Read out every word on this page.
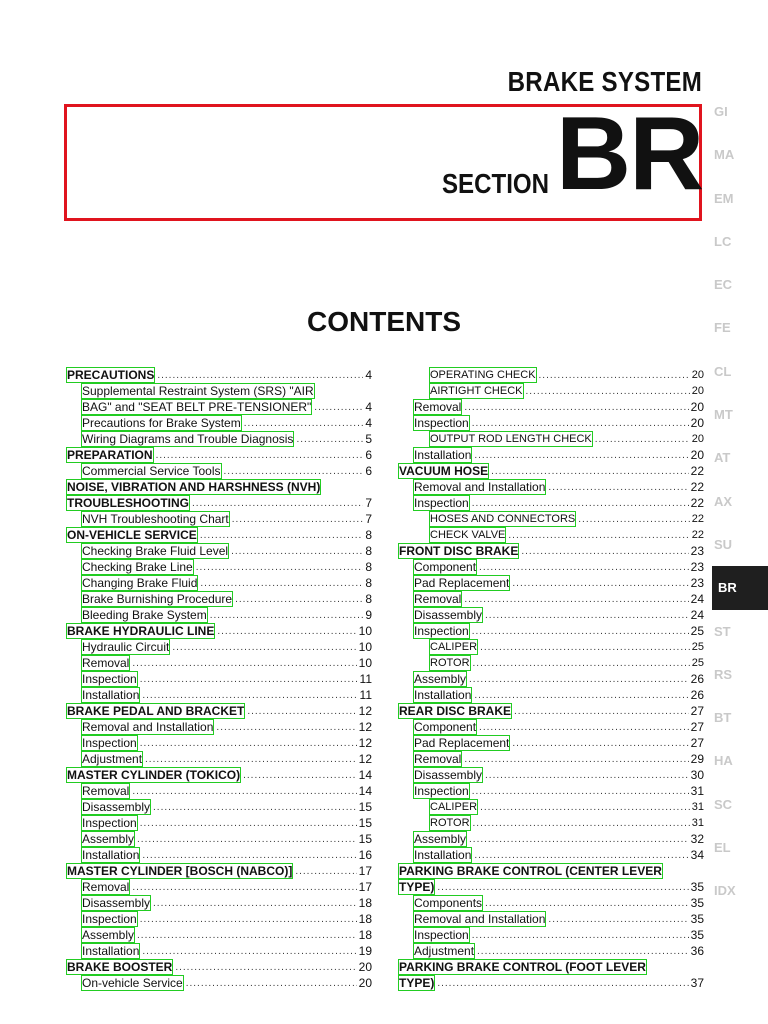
BRAKE SYSTEM
SECTION BR
CONTENTS
PRECAUTIONS .....	4
Supplemental Restraint System (SRS) "AIR
BAG" and "SEAT BELT PRE-TENSIONER" .....	4
Precautions for Brake System .....	4
Wiring Diagrams and Trouble Diagnosis .....	5
PREPARATION .....	6
Commercial Service Tools .....	6
NOISE, VIBRATION AND HARSHNESS (NVH)
TROUBLESHOOTING .....	7
NVH Troubleshooting Chart .....	7
ON-VEHICLE SERVICE .....	8
Checking Brake Fluid Level .....	8
Checking Brake Line .....	8
Changing Brake Fluid .....	8
Brake Burnishing Procedure .....	8
Bleeding Brake System .....	9
BRAKE HYDRAULIC LINE .....	10
Hydraulic Circuit .....	10
Removal .....	10
Inspection .....	11
Installation .....	11
BRAKE PEDAL AND BRACKET .....	12
Removal and Installation .....	12
Inspection .....	12
Adjustment .....	12
MASTER CYLINDER (TOKICO) .....	14
Removal .....	14
Disassembly .....	15
Inspection .....	15
Assembly .....	15
Installation .....	16
MASTER CYLINDER [BOSCH (NABCO)] .....	17
Removal .....	17
Disassembly .....	18
Inspection .....	18
Assembly .....	18
Installation .....	19
BRAKE BOOSTER .....	20
On-vehicle Service .....	20
OPERATING CHECK .....	20
AIRTIGHT CHECK .....	20
Removal .....	20
Inspection .....	20
OUTPUT ROD LENGTH CHECK .....	20
Installation .....	20
VACUUM HOSE .....	22
Removal and Installation .....	22
Inspection .....	22
HOSES AND CONNECTORS .....	22
CHECK VALVE .....	22
FRONT DISC BRAKE .....	23
Component .....	23
Pad Replacement .....	23
Removal .....	24
Disassembly .....	24
Inspection .....	25
CALIPER .....	25
ROTOR .....	25
Assembly .....	26
Installation .....	26
REAR DISC BRAKE .....	27
Component .....	27
Pad Replacement .....	27
Removal .....	29
Disassembly .....	30
Inspection .....	31
CALIPER .....	31
ROTOR .....	31
Assembly .....	32
Installation .....	34
PARKING BRAKE CONTROL (CENTER LEVER
TYPE) .....	35
Components .....	35
Removal and Installation .....	35
Inspection .....	35
Adjustment .....	36
PARKING BRAKE CONTROL (FOOT LEVER
TYPE) .....	37
GI
MA
EM
LC
EC
FE
CL
MT
AT
AX
SU
BR
ST
RS
BT
HA
SC
EL
IDX
